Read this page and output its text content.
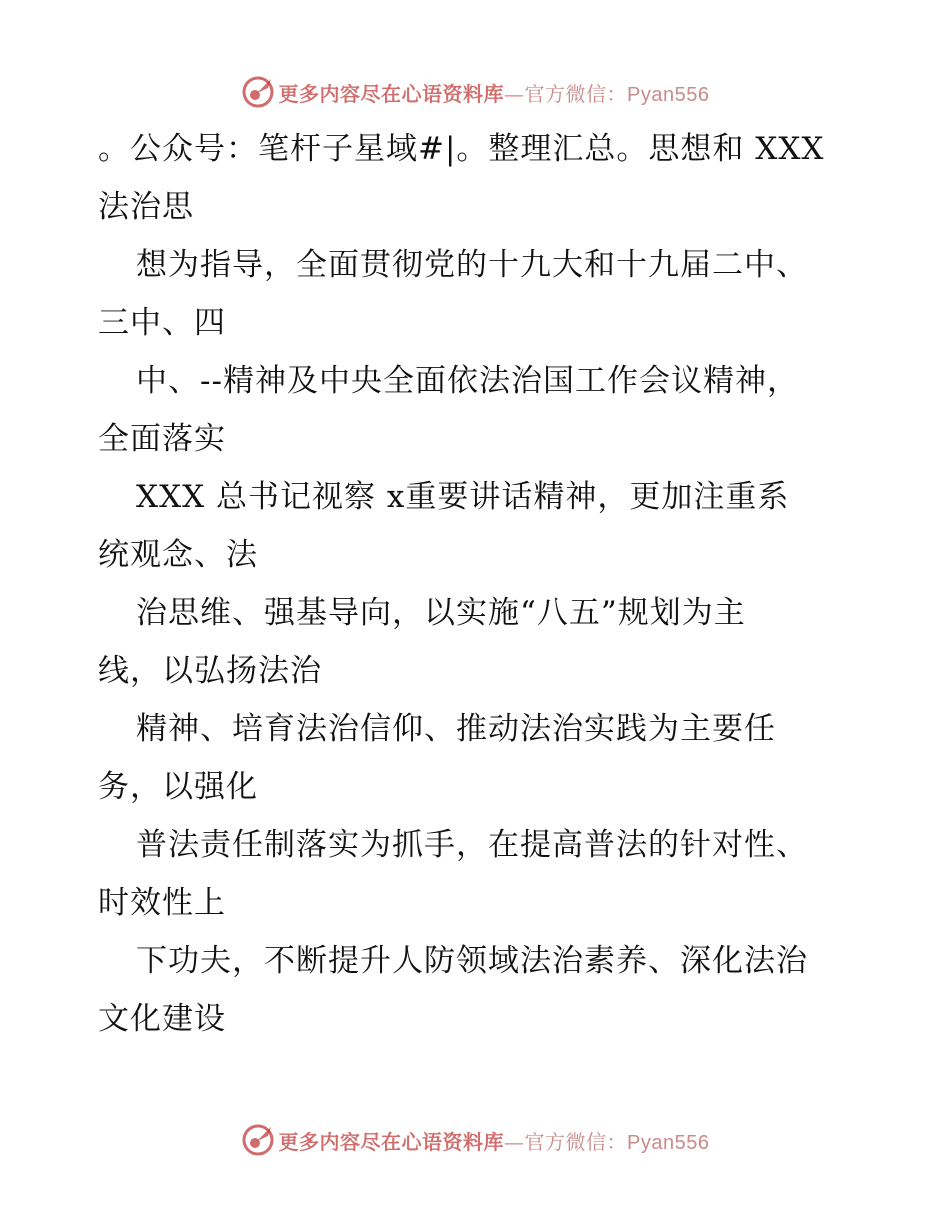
更多内容尽在心语资料库—官方微信：Pyan556
。公众号：笔杆子星域#|。整理汇总。思想和 XXX
法治思
想为指导，全面贯彻党的十九大和十九届二中、
三中、四
中、--精神及中央全面依法治国工作会议精神，
全面落实
XXX 总书记视察 x重要讲话精神，更加注重系
统观念、法
治思维、强基导向，以实施“八五”规划为主
线，以弘扬法治
精神、培育法治信仰、推动法治实践为主要任
务，以强化
普法责任制落实为抓手，在提高普法的针对性、
时效性上
下功夫，不断提升人防领域法治素养、深化法治
文化建设
更多内容尽在心语资料库—官方微信：Pyan556
